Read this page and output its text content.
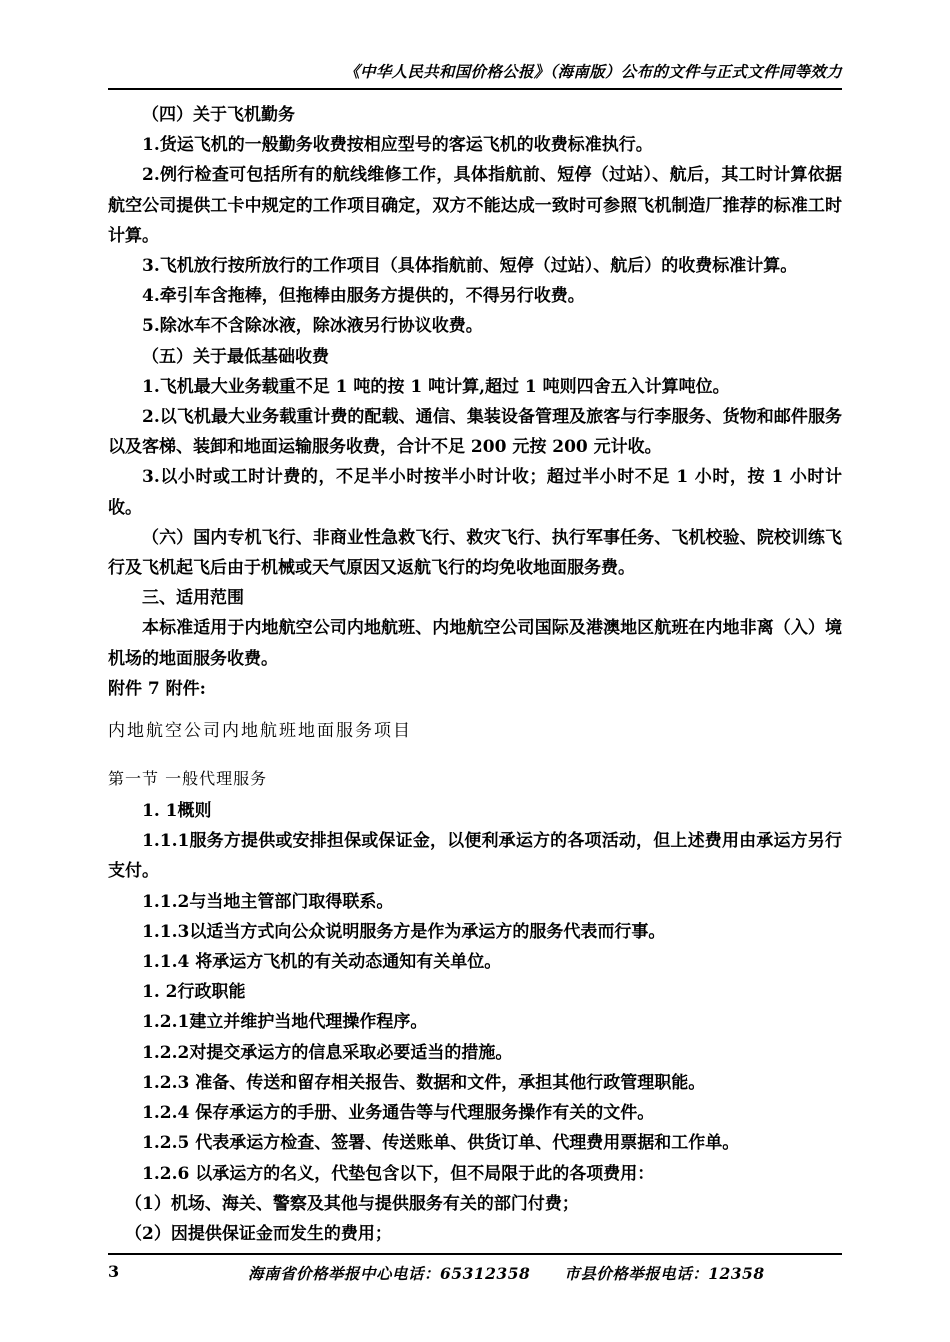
《中华人民共和国价格公报》（海南版）公布的文件与正式文件同等效力

（四）关于飞机勤务

1.货运飞机的一般勤务收费按相应型号的客运飞机的收费标准执行。

2.例行检查可包括所有的航线维修工作，具体指航前、短停（过站）、航后，其工时计算依据航空公司提供工卡中规定的工作项目确定，双方不能达成一致时可参照飞机制造厂推荐的标准工时计算。

3.飞机放行按所放行的工作项目（具体指航前、短停（过站）、航后）的收费标准计算。

4.牵引车含拖棒，但拖棒由服务方提供的，不得另行收费。

5.除冰车不含除冰液，除冰液另行协议收费。

（五）关于最低基础收费

1.飞机最大业务载重不足 1 吨的按 1 吨计算,超过 1 吨则四舍五入计算吨位。

2.以飞机最大业务载重计费的配载、通信、集装设备管理及旅客与行李服务、货物和邮件服务以及客梯、装卸和地面运输服务收费，合计不足 200 元按 200 元计收。

3.以小时或工时计费的，不足半小时按半小时计收；超过半小时不足 1 小时，按 1 小时计收。

（六）国内专机飞行、非商业性急救飞行、救灾飞行、执行军事任务、飞机校验、院校训练飞行及飞机起飞后由于机械或天气原因又返航飞行的均免收地面服务费。

三、适用范围

本标准适用于内地航空公司内地航班、内地航空公司国际及港澳地区航班在内地非离（入）境机场的地面服务收费。

附件 7 附件:

内地航空公司内地航班地面服务项目

第一节 一般代理服务

1. 1概则

1.1.1服务方提供或安排担保或保证金，以便利承运方的各项活动，但上述费用由承运方另行支付。

1.1.2与当地主管部门取得联系。

1.1.3以适当方式向公众说明服务方是作为承运方的服务代表而行事。

1.1.4 将承运方飞机的有关动态通知有关单位。

1. 2行政职能

1.2.1建立并维护当地代理操作程序。

1.2.2对提交承运方的信息采取必要适当的措施。

1.2.3 准备、传送和留存相关报告、数据和文件，承担其他行政管理职能。

1.2.4 保存承运方的手册、业务通告等与代理服务操作有关的文件。

1.2.5 代表承运方检查、签署、传送账单、供货订单、代理费用票据和工作单。

1.2.6 以承运方的名义，代垫包含以下，但不局限于此的各项费用：

（1）机场、海关、警察及其他与提供服务有关的部门付费；

（2）因提供保证金而发生的费用；

3	海南省价格举报中心电话：65312358 市县价格举报电话：12358
